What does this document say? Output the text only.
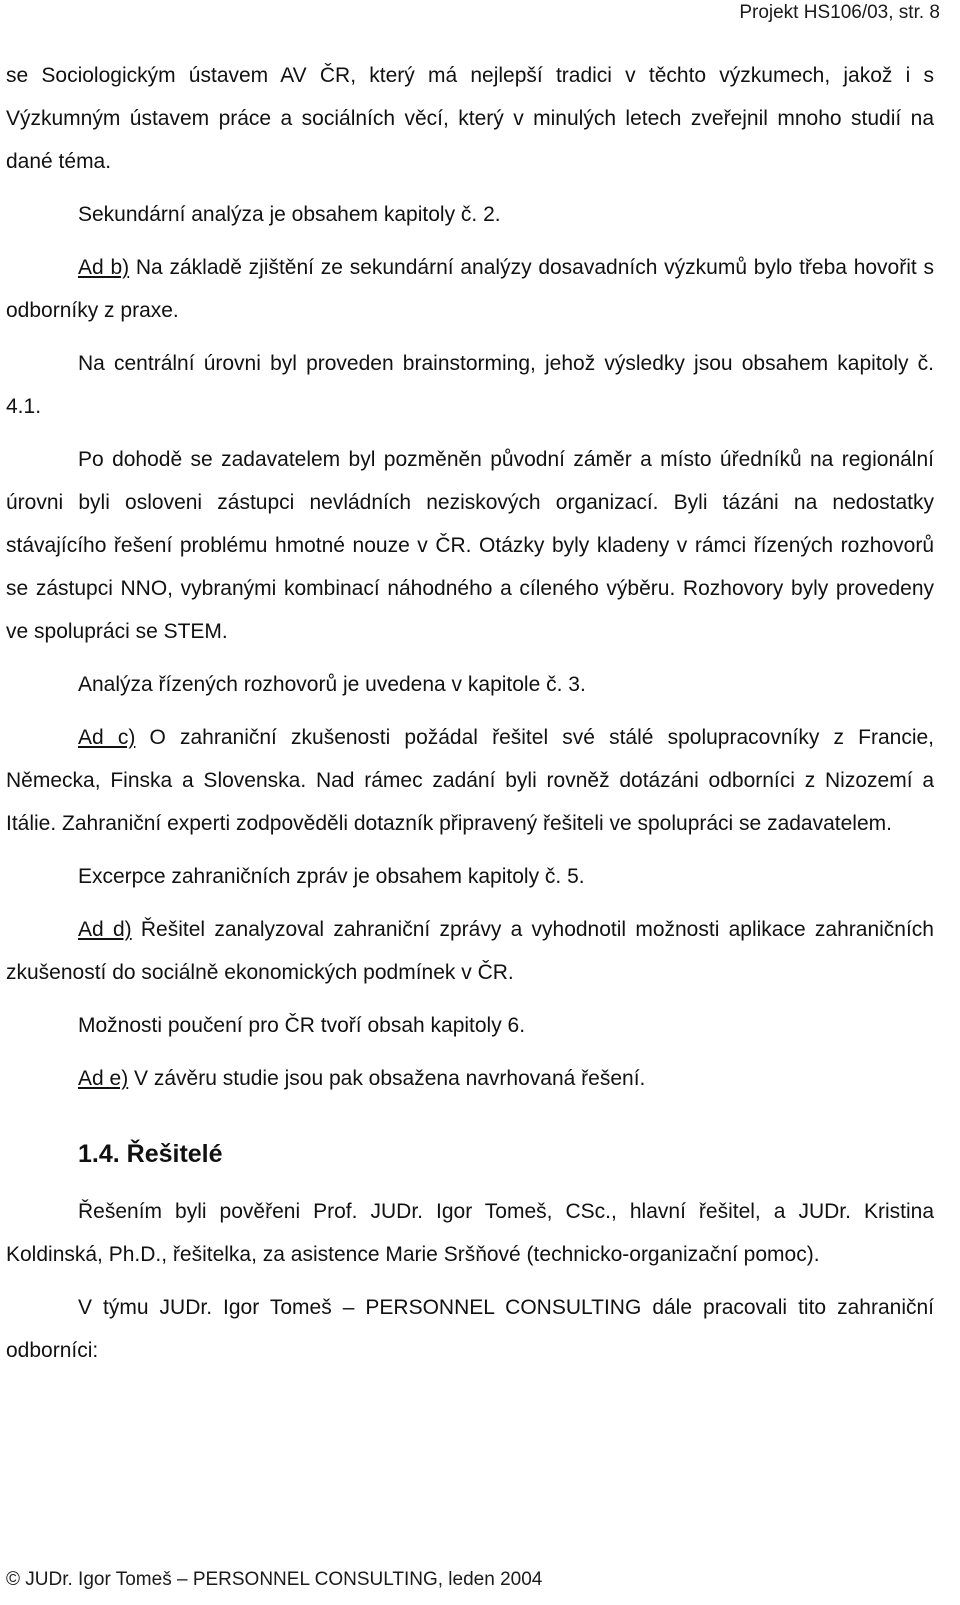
Projekt HS106/03, str. 8

se Sociologickým ústavem AV ČR, který má nejlepší tradici v těchto výzkumech, jakož i s Výzkumným ústavem práce a sociálních věcí, který v minulých letech zveřejnil mnoho studií na dané téma.

Sekundární analýza je obsahem kapitoly č. 2.

Ad b) Na základě zjištění ze sekundární analýzy dosavadních výzkumů bylo třeba hovořit s odborníky z praxe.

Na centrální úrovni byl proveden brainstorming, jehož výsledky jsou obsahem kapitoly č. 4.1.

Po dohodě se zadavatelem byl pozměněn původní záměr a místo úředníků na regionální úrovni byli osloveni zástupci nevládních neziskových organizací. Byli tázáni na nedostatky stávajícího řešení problému hmotné nouze v ČR. Otázky byly kladeny v rámci řízených rozhovorů se zástupci NNO, vybranými kombinací náhodného a cíleného výběru. Rozhovory byly provedeny ve spolupráci se STEM.

Analýza řízených rozhovorů je uvedena v kapitole č. 3.

Ad c) O zahraniční zkušenosti požádal řešitel své stálé spolupracovníky z Francie, Německa, Finska a Slovenska. Nad rámec zadání byli rovněž dotázáni odborníci z Nizozemí a Itálie. Zahraniční experti zodpověděli dotazník připravený řešiteli ve spolupráci se zadavatelem.

Excerpce zahraničních zpráv je obsahem kapitoly č. 5.

Ad d) Řešitel zanalyzoval zahraniční zprávy a vyhodnotil možnosti aplikace zahraničních zkušeností do sociálně ekonomických podmínek v ČR.

Možnosti poučení pro ČR tvoří obsah kapitoly 6.

Ad e) V závěru studie jsou pak obsažena navrhovaná řešení.

1.4. Řešitelé

Řešením byli pověřeni Prof. JUDr. Igor Tomeš, CSc., hlavní řešitel, a JUDr. Kristina Koldinská, Ph.D., řešitelka, za asistence Marie Sršňové (technicko-organizační pomoc).

V týmu JUDr. Igor Tomeš – PERSONNEL CONSULTING dále pracovali tito zahraniční odborníci:

© JUDr. Igor Tomeš – PERSONNEL CONSULTING, leden 2004
